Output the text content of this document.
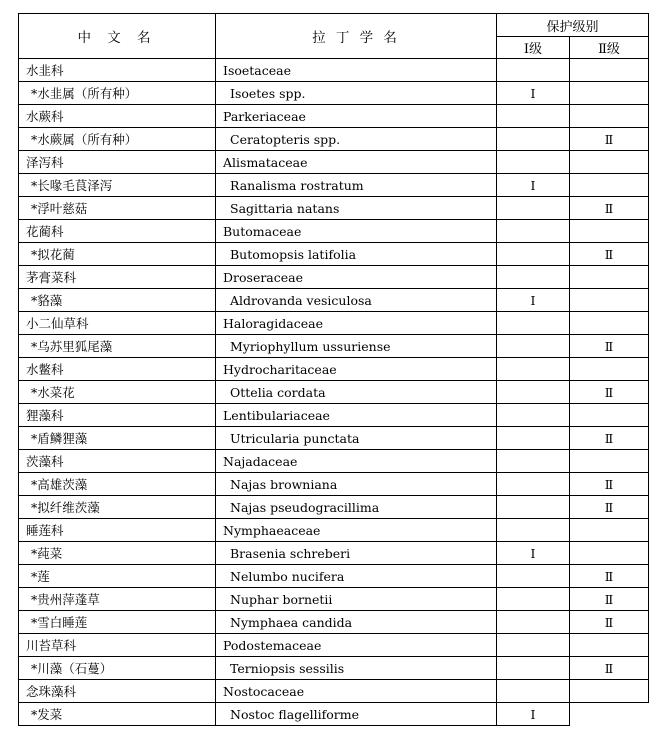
中 文 名	拉 丁 学 名	保护级别	
		Ⅰ级	Ⅱ级
水韭科	Isoetaceae		
*水韭属（所有种）	Isoetes spp.	Ⅰ	
水蕨科	Parkeriaceae		
*水蕨属（所有种）	Ceratopteris spp.		Ⅱ
泽泻科	Alismataceae		
*长喙毛茛泽泻	Ranalisma rostratum	Ⅰ	
*浮叶慈菇	Sagittaria natans		Ⅱ
花蔺科	Butomaceae		
*拟花蔺	Butomopsis latifolia		Ⅱ
茅膏菜科	Droseraceae		
*貉藻	Aldrovanda vesiculosa	Ⅰ	
小二仙草科	Haloragidaceae		
*乌苏里狐尾藻	Myriophyllum ussuriense		Ⅱ
水鳖科	Hydrocharitaceae		
*水菜花	Ottelia cordata		Ⅱ
狸藻科	Lentibulariaceae		
*盾鳞狸藻	Utricularia punctata		Ⅱ
茨藻科	Najadaceae		
*高雄茨藻	Najas browniana		Ⅱ
*拟纤维茨藻	Najas pseudogracillima		Ⅱ
睡莲科	Nymphaeaceae		
*莼菜	Brasenia schreberi	Ⅰ	
*莲	Nelumbo nucifera		Ⅱ
*贵州萍蓬草	Nuphar bornetii		Ⅱ
*雪白睡莲	Nymphaea candida		Ⅱ
川苔草科	Podostemaceae		
*川藻（石蔓）	Terniopsis sessilis		Ⅱ
念珠藻科	Nostocaceae		
*发菜	Nostoc flagelliforme	Ⅰ	
